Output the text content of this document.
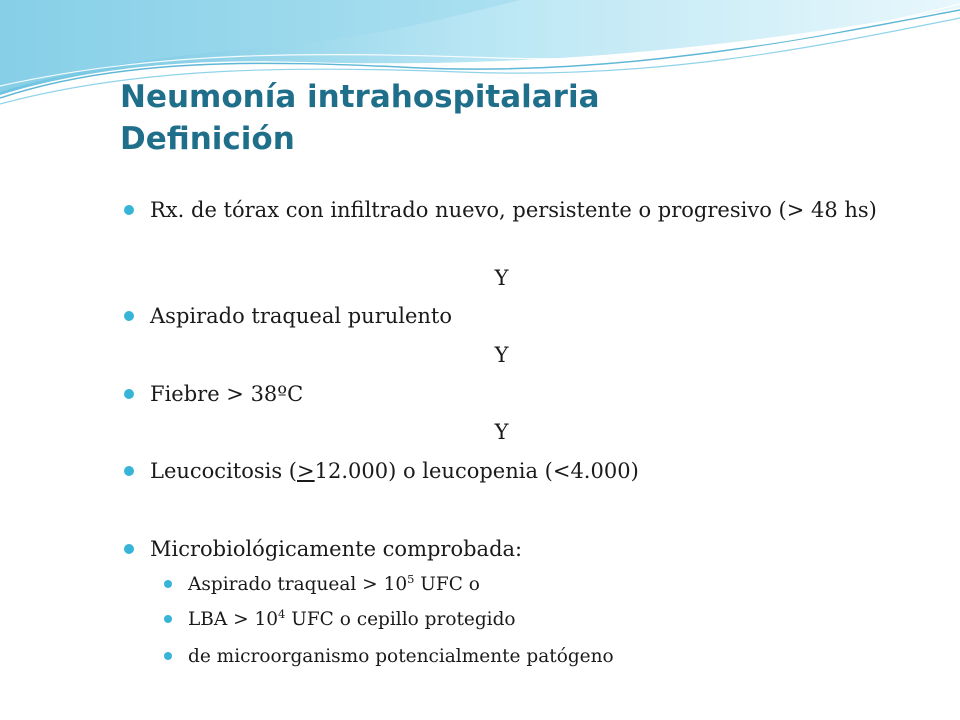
Neumonía intrahospitalaria
Definición
Rx. de tórax con infiltrado nuevo, persistente o progresivo (> 48 hs)
Y
Aspirado traqueal purulento
Y
Fiebre > 38ºC
Y
Leucocitosis (>12.000) o leucopenia (<4.000)
Microbiológicamente comprobada:
Aspirado traqueal > $10^5$ UFC o
LBA > $10^4$ UFC o cepillo protegido
de microorganismo potencialmente patógeno
